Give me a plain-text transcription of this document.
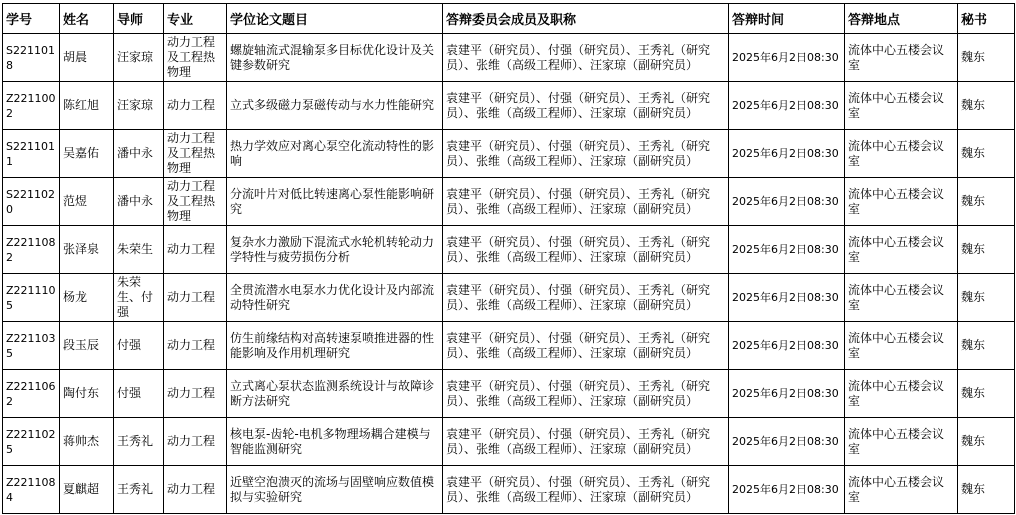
学号	姓名	导师	专业	学位论文题目	答辩委员会成员及职称	答辩时间	答辩地点	秘书
S2211018	胡晨	汪家琼	动力工程及工程热物理	螺旋轴流式混输泵多目标优化设计及关键参数研究	袁建平（研究员）、付强（研究员）、王秀礼（研究员）、张维（高级工程师）、汪家琼（副研究员）	2025年6月2日08:30	流体中心五楼会议室	魏东
Z2211002	陈红旭	汪家琼	动力工程	立式多级磁力泵磁传动与水力性能研究	袁建平（研究员）、付强（研究员）、王秀礼（研究员）、张维（高级工程师）、汪家琼（副研究员）	2025年6月2日08:30	流体中心五楼会议室	魏东
S2211011	吴嘉佑	潘中永	动力工程及工程热物理	热力学效应对离心泵空化流动特性的影响	袁建平（研究员）、付强（研究员）、王秀礼（研究员）、张维（高级工程师）、汪家琼（副研究员）	2025年6月2日08:30	流体中心五楼会议室	魏东
S2211020	范煜	潘中永	动力工程及工程热物理	分流叶片对低比转速离心泵性能影响研究	袁建平（研究员）、付强（研究员）、王秀礼（研究员）、张维（高级工程师）、汪家琼（副研究员）	2025年6月2日08:30	流体中心五楼会议室	魏东
Z2211082	张泽泉	朱荣生	动力工程	复杂水力激励下混流式水轮机转轮动力学特性与疲劳损伤分析	袁建平（研究员）、付强（研究员）、王秀礼（研究员）、张维（高级工程师）、汪家琼（副研究员）	2025年6月2日08:30	流体中心五楼会议室	魏东
Z2211105	杨龙	朱荣生、付强	动力工程	全贯流潜水电泵水力优化设计及内部流动特性研究	袁建平（研究员）、付强（研究员）、王秀礼（研究员）、张维（高级工程师）、汪家琼（副研究员）	2025年6月2日08:30	流体中心五楼会议室	魏东
Z2211035	段玉辰	付强	动力工程	仿生前缘结构对高转速泵喷推进器的性能影响及作用机理研究	袁建平（研究员）、付强（研究员）、王秀礼（研究员）、张维（高级工程师）、汪家琼（副研究员）	2025年6月2日08:30	流体中心五楼会议室	魏东
Z2211062	陶付东	付强	动力工程	立式离心泵状态监测系统设计与故障诊断方法研究	袁建平（研究员）、付强（研究员）、王秀礼（研究员）、张维（高级工程师）、汪家琼（副研究员）	2025年6月2日08:30	流体中心五楼会议室	魏东
Z2211025	蒋帅杰	王秀礼	动力工程	核电泵-齿轮-电机多物理场耦合建模与智能监测研究	袁建平（研究员）、付强（研究员）、王秀礼（研究员）、张维（高级工程师）、汪家琼（副研究员）	2025年6月2日08:30	流体中心五楼会议室	魏东
Z2211084	夏麒超	王秀礼	动力工程	近壁空泡溃灭的流场与固壁响应数值模拟与实验研究	袁建平（研究员）、付强（研究员）、王秀礼（研究员）、张维（高级工程师）、汪家琼（副研究员）	2025年6月2日08:30	流体中心五楼会议室	魏东
